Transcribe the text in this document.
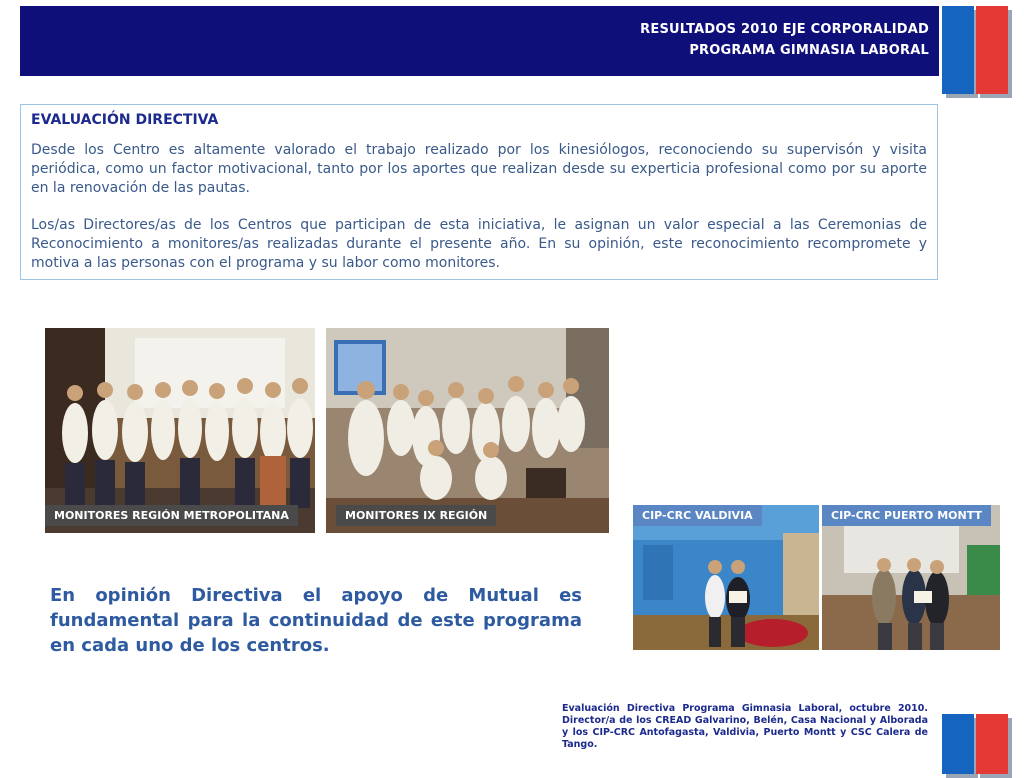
RESULTADOS 2010 EJE CORPORALIDAD
PROGRAMA GIMNASIA LABORAL
EVALUACIÓN DIRECTIVA

Desde los Centro es altamente valorado el trabajo realizado por los kinesiólogos, reconociendo su supervisón y visita periódica, como un factor motivacional, tanto por los aportes que realizan desde su experticia profesional como por su aporte en la renovación de las pautas.

Los/as Directores/as de los Centros que participan de esta iniciativa, le asignan un valor especial a las Ceremonias de Reconocimiento a monitores/as realizadas durante el presente año. En su opinión, este reconocimiento recompromete y motiva a las personas con el programa y su labor como monitores.

MONITORES REGIÓN METROPOLITANA	MONITORES IX REGIÓN	CIP-CRC VALDIVIA	CIP-CRC PUERTO MONTT
En opinión Directiva el apoyo de Mutual es fundamental para la continuidad de este programa en cada uno de los centros.
Evaluación Directiva Programa Gimnasia Laboral, octubre 2010. Director/a de los CREAD Galvarino, Belén, Casa Nacional y Alborada y los CIP-CRC Antofagasta, Valdivia, Puerto Montt y CSC Calera de Tango.
